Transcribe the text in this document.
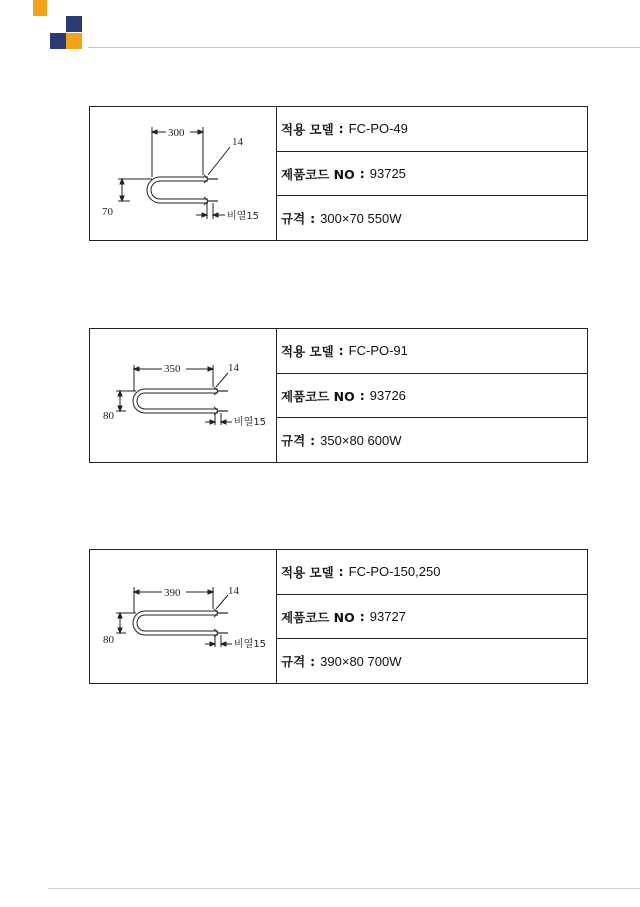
300
14
70	비열15
적용 모델 : FC-PO-49
제품코드 NO : 93725
규격 : 300×70 550W
350	14
80
비열15
적용 모델 : FC-PO-91
제품코드 NO : 93726
규격 : 350×80 600W
390	14
80	비열15
적용 모델 : FC-PO-150,250
제품코드 NO : 93727
규격 : 390×80 700W
